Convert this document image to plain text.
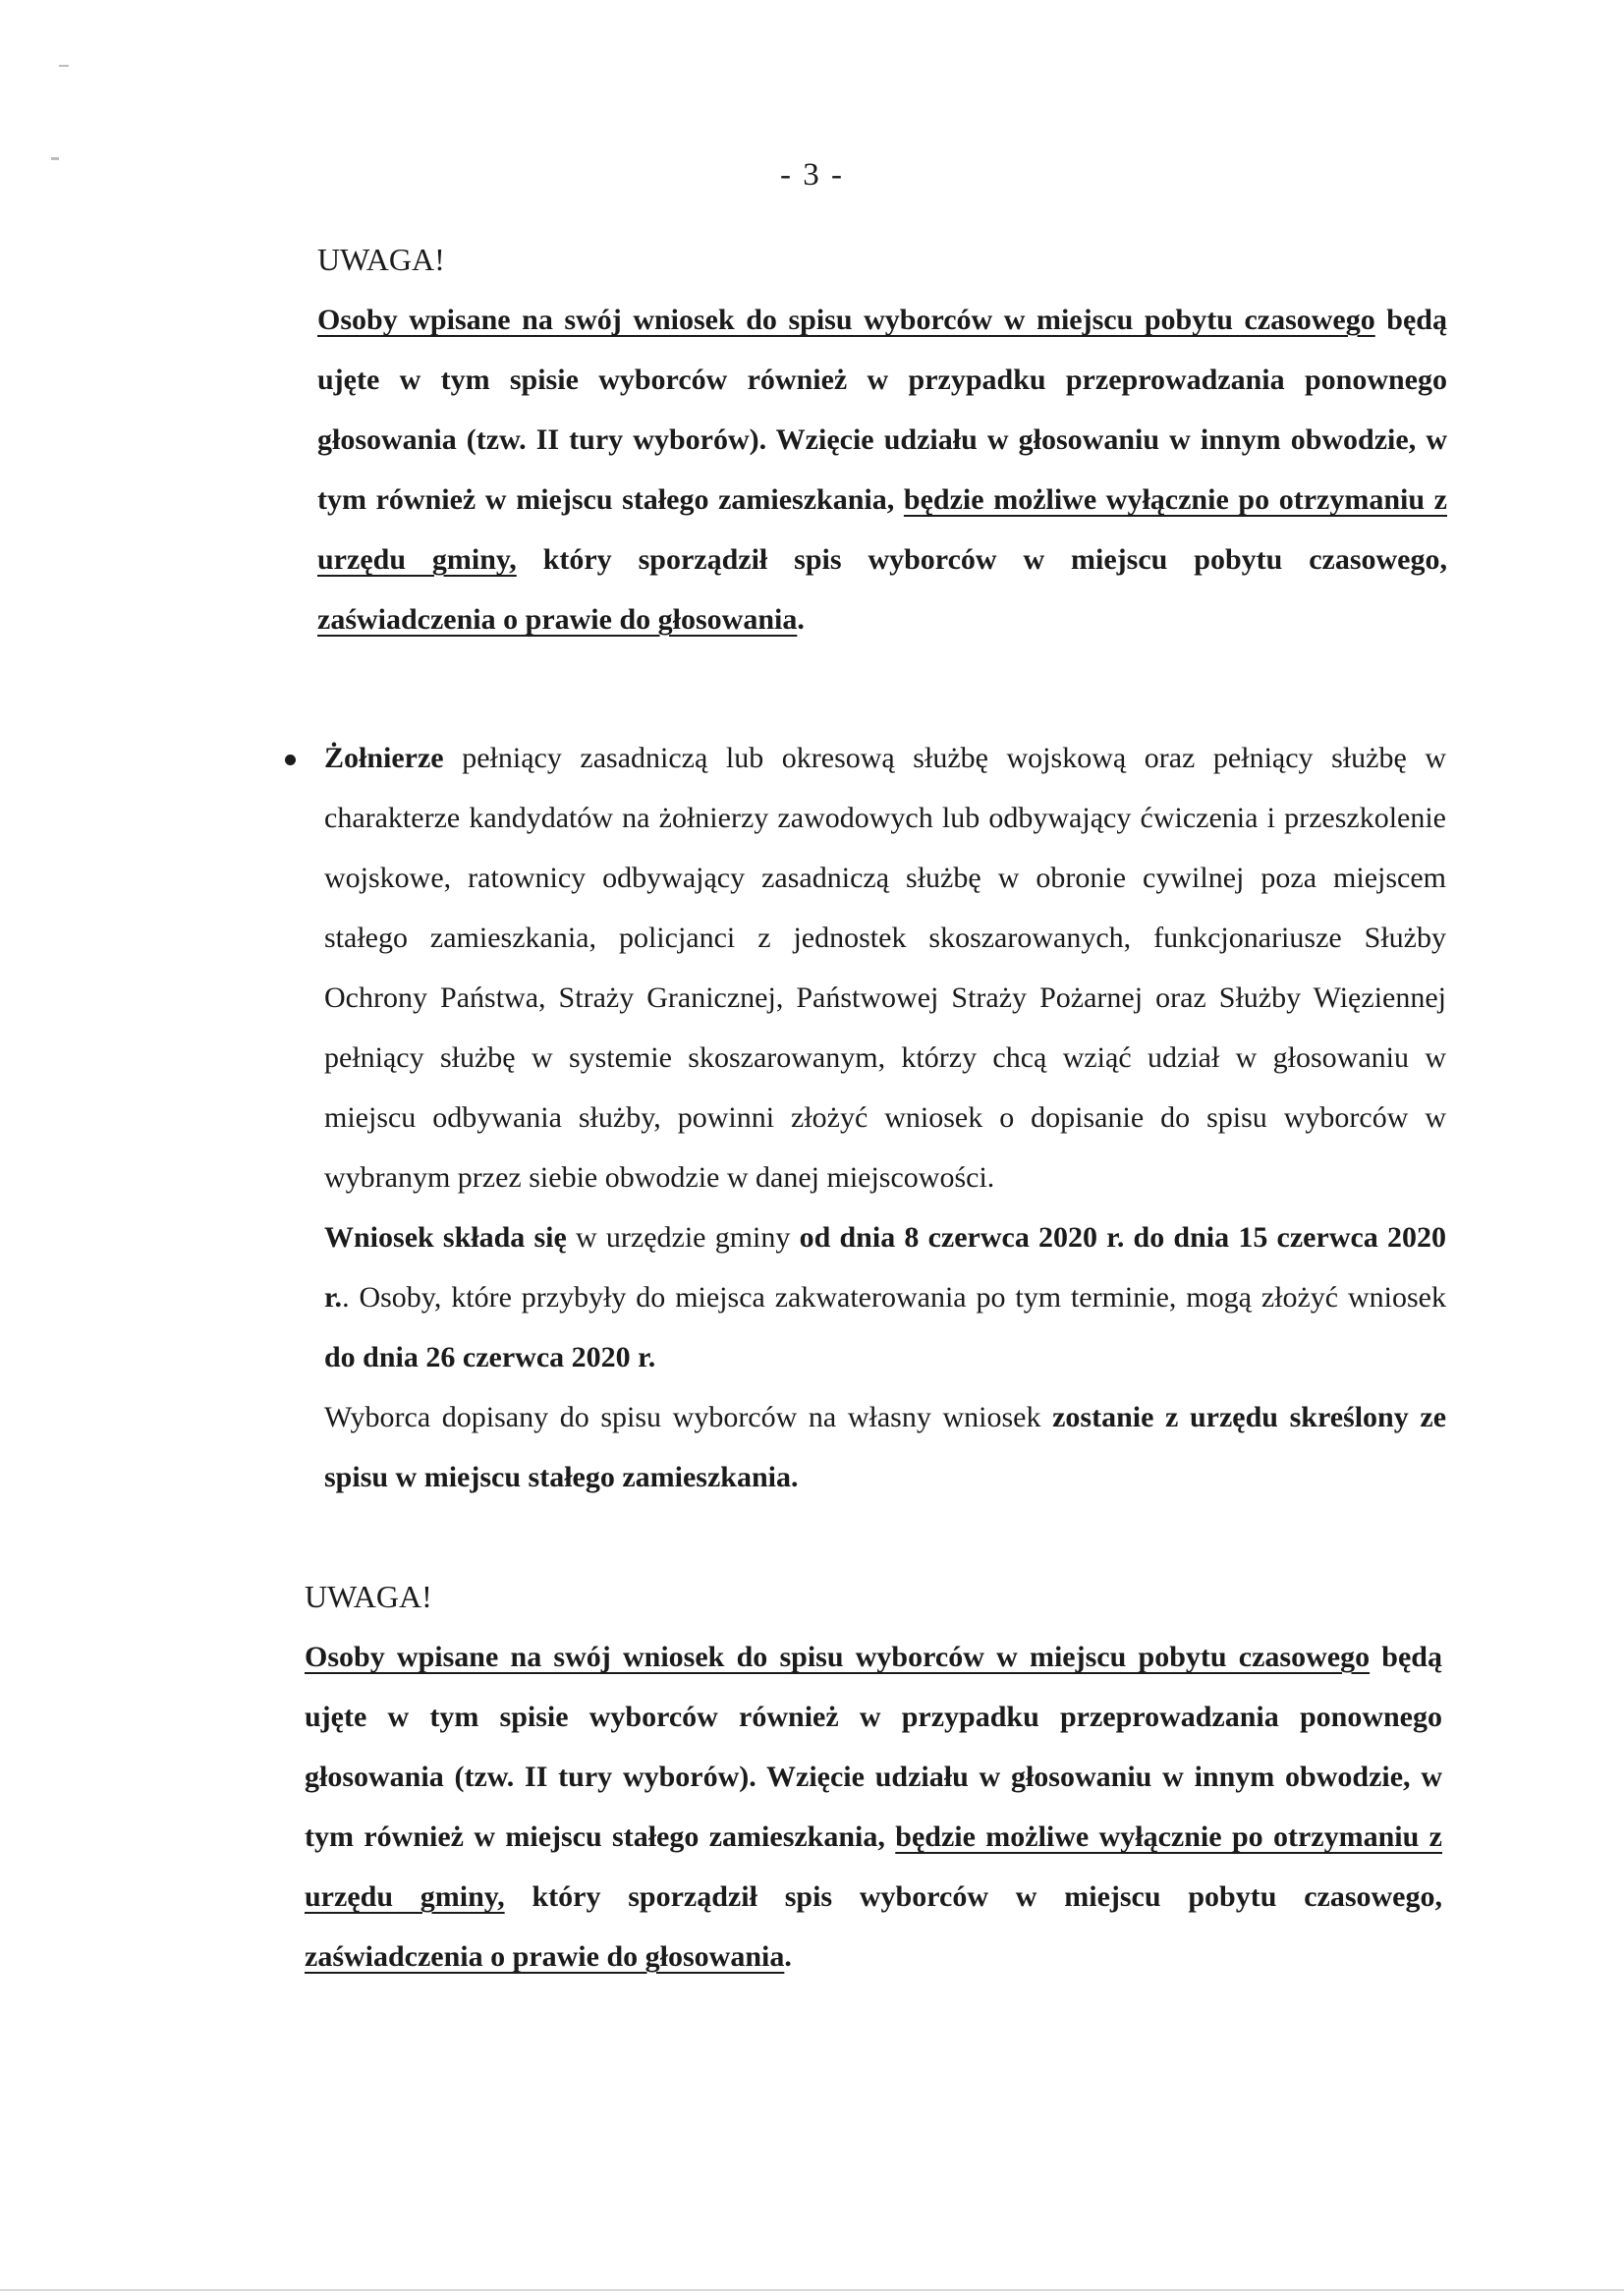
- 3 -
UWAGA!

Osoby wpisane na swój wniosek do spisu wyborców w miejscu pobytu czasowego będą ujęte w tym spisie wyborców również w przypadku przeprowadzania ponownego głosowania (tzw. II tury wyborów). Wzięcie udziału w głosowaniu w innym obwodzie, w tym również w miejscu stałego zamieszkania, będzie możliwe wyłącznie po otrzymaniu z urzędu gminy, który sporządził spis wyborców w miejscu pobytu czasowego, zaświadczenia o prawie do głosowania.

Żołnierze pełniący zasadniczą lub okresową służbę wojskową oraz pełniący służbę w charakterze kandydatów na żołnierzy zawodowych lub odbywający ćwiczenia i przeszkolenie wojskowe, ratownicy odbywający zasadniczą służbę w obronie cywilnej poza miejscem stałego zamieszkania, policjanci z jednostek skoszarowanych, funkcjonariusze Służby Ochrony Państwa, Straży Granicznej, Państwowej Straży Pożarnej oraz Służby Więziennej pełniący służbę w systemie skoszarowanym, którzy chcą wziąć udział w głosowaniu w miejscu odbywania służby, powinni złożyć wniosek o dopisanie do spisu wyborców w wybranym przez siebie obwodzie w danej miejscowości.

Wniosek składa się w urzędzie gminy od dnia 8 czerwca 2020 r. do dnia 15 czerwca 2020 r.. Osoby, które przybyły do miejsca zakwaterowania po tym terminie, mogą złożyć wniosek do dnia 26 czerwca 2020 r.

Wyborca dopisany do spisu wyborców na własny wniosek zostanie z urzędu skreślony ze spisu w miejscu stałego zamieszkania.

UWAGA!

Osoby wpisane na swój wniosek do spisu wyborców w miejscu pobytu czasowego będą ujęte w tym spisie wyborców również w przypadku przeprowadzania ponownego głosowania (tzw. II tury wyborów). Wzięcie udziału w głosowaniu w innym obwodzie, w tym również w miejscu stałego zamieszkania, będzie możliwe wyłącznie po otrzymaniu z urzędu gminy, który sporządził spis wyborców w miejscu pobytu czasowego, zaświadczenia o prawie do głosowania.
